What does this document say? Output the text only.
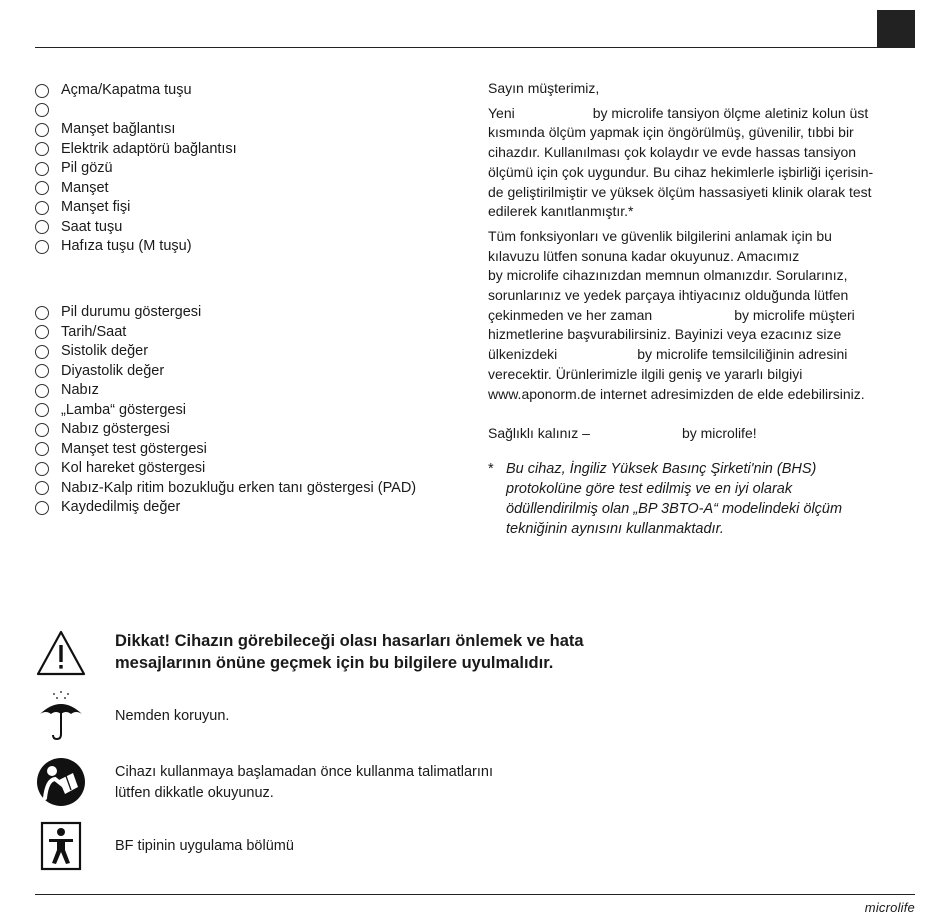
Açma/Kapatma tuşu
Manşet bağlantısı
Elektrik adaptörü bağlantısı
Pil gözü
Manşet
Manşet fişi
Saat tuşu
Hafıza tuşu (M tuşu)
Pil durumu göstergesi
Tarih/Saat
Sistolik değer
Diyastolik değer
Nabız
„Lamba“ göstergesi
Nabız göstergesi
Manşet test göstergesi
Kol hareket göstergesi
Nabız-Kalp ritim bozukluğu erken tanı göstergesi (PAD)
Kaydedilmiş değer

Sayın müşterimiz,

Yeni	by microlife tansiyon ölçme aletiniz kolun üst

kısmında ölçüm yapmak için öngörülmüş, güvenilir, tıbbi bir

cihazdır. Kullanılması çok kolaydır ve evde hassas tansiyon

ölçümü için çok uygundur. Bu cihaz hekimlerle işbirliği içerisin-

de geliştirilmiştir ve yüksek ölçüm hassasiyeti klinik olarak test

edilerek kanıtlanmıştır.*

Tüm fonksiyonları ve güvenlik bilgilerini anlamak için bu

kılavuzu lütfen sonuna kadar okuyunuz. Amacımız

by microlife cihazınızdan memnun olmanızdır. Sorularınız,

sorunlarınız ve yedek parçaya ihtiyacınız olduğunda lütfen

çekinmeden ve her zaman	by microlife müşteri

hizmetlerine başvurabilirsiniz. Bayinizi veya ezacınız size

ülkenizdeki	by microlife temsilciliğinin adresini

verecektir. Ürünlerimizle ilgili geniş ve yararlı bilgiyi

www.aponorm.de internet adresimizden de elde edebilirsiniz.

Sağlıklı kalınız –	by microlife!

* Bu cihaz, İngiliz Yüksek Basınç Şirketi'nin (BHS)

protokolüne göre test edilmiş ve en iyi olarak

ödüllendirilmiş olan „BP 3BTO-A“ modelindeki ölçüm

tekniğinin aynısını kullanmaktadır.

Dikkat! Cihazın görebileceği olası hasarları önlemek ve hata
mesajlarının önüne geçmek için bu bilgilere uyulmalıdır.
Nemden koruyun.
Cihazı kullanmaya başlamadan önce kullanma talimatlarını
lütfen dikkatle okuyunuz.
BF tipinin uygulama bölümü
microlife
